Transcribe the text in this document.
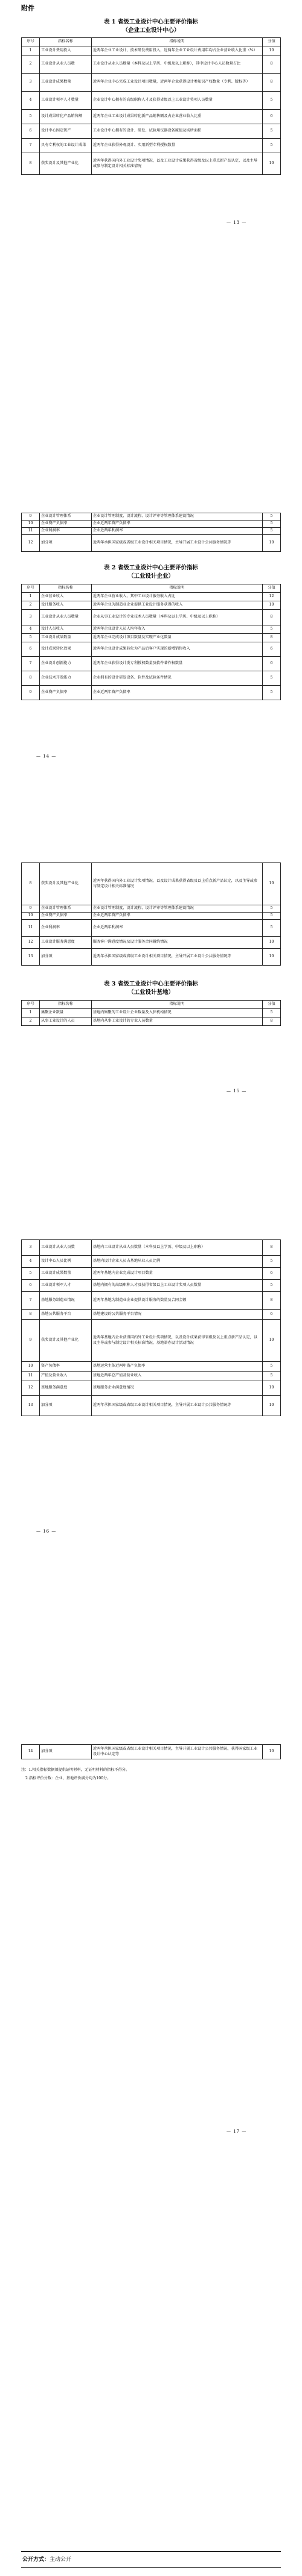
附件
表 1 省级工业设计中心主要评价指标
（企业工业设计中心）
序号	指标名称	指标说明	分值
1	工业设计费用投入	近两年企业工业设计、技术研发费用投入，近两年企业工业设计费用年均占企业营业收入比重（%）	10
2	工业设计从业人员数	工业设计从业人员数量（本科及以上学历、中级及以上职称），其中设计中心人员数量占比	8
3	工业设计成果数量	近两年企业中心完成工业设计项目数量，近两年企业获得设计类知识产权数量（专利、版权等）	8
4	工业设计领军人才数量	企业设计中心拥有的高级职称人才及获得省级以上工业设计奖项人员数量	5
5	设计成果转化产品销售额	近两年企业工业设计成果转化新产品销售额及占企业营业收入比重	6
6	设计中心固定资产	工业设计中心拥有的设计、研发、试验用仪器设备原值及场所面积	5
7	具有专利权的工业设计成果	近两年企业获得外观设计、实用新型专利授权数量	5
8	获奖设计及其他产业化	近两年获得国内外工业设计奖项情况，以及工业设计成果获得省级及以上重点新产品认定，以及主导或参与制定设计相关标准情况	10
— 13 —
9	企业设计管理体系	企业设计管理制度、设计流程、设计评审等管理体系建设情况	5
10	企业资产负债率	企业近两年资产负债率	5
11	企业利润率	企业近两年利润率	5
12	加分项	近两年承担国家级或省级工业设计相关项目情况，主导开展工业设计公共服务情况等	10
表 2 省级工业设计中心主要评价指标
（工业设计企业）
序号	指标名称	指标说明	分值
1	企业营业收入	近两年企业营业收入，其中工业设计服务收入占比	12
2	设计服务收入	近两年企业为制造业企业提供工业设计服务获得的收入	10
3	工业设计从业人员数量	企业从事工业设计的专业技术人员数量（本科及以上学历、中级及以上职称）	8
4	设计人员收入	近两年企业设计人员人均年收入	5
5	工业设计成果数量	近两年企业完成设计项目数量及实现产业化数量	8
6	设计成果转化效果	近两年企业设计成果转化为产品后客户实现的新增销售收入	6
7	企业设计创新能力	近两年企业获得设计类专利授权数量及软件著作权数量	6
8	企业技术开发能力	企业拥有的设计研发设备、软件及试验条件情况	5
9	企业资产负债率	企业近两年资产负债率	5
— 14 —
8	获奖设计及其他产业化	近两年获得国内外工业设计奖项情况，以及设计成果获得省级及以上重点新产品认定，以及主导或参与制定设计相关标准情况	10
9	企业设计管理体系	企业设计管理制度、设计流程、设计评审等管理体系建设情况	5
10	企业资产负债率	企业近两年资产负债率	5
11	企业利润率	企业近两年利润率	5
12	工业设计服务满意度	服务客户满意度情况及设计服务合同履约情况	10
13	加分项	近两年承担国家级或省级工业设计相关项目情况，主导开展工业设计公共服务情况等	10
表 3 省级工业设计中心主要评价指标
（工业设计基地）
序号	指标名称	指标说明	分值
1	集聚企业数量	基地内集聚的工业设计企业数量及入驻机构情况	5
2	从事工业设计的人员	基地内从事工业设计的专业人员数量	8
— 15 —
3	工业设计从业人员数	基地内工业设计从业人员数量（本科及以上学历、中级及以上职称）	8
4	设计中心人员比例	基地内设计企业人员占基地从业人员比例	5
5	工业设计成果数量	近两年基地内企业完成设计项目数量	6
6	工业设计领军人才	基地内拥有的高级职称人才及获得省级以上工业设计奖项人员数量	5
7	基地服务制造业情况	近两年基地为制造业企业提供设计服务的数量及合同金额	8
8	基地公共服务平台	基地建设的公共服务平台情况	6
9	获奖设计及其他产业化	近两年基地内企业获得国内外工业设计奖项情况，以及设计成果获得省级及以上重点新产品认定，以及主导或参与制定设计相关标准情况，基地举办设计活动情况	10
10	资产负债率	基地运营主体近两年资产负债率	5
11	产值及营业收入	基地近两年总产值及营业收入	5
12	基地服务满意度	基地服务企业满意度情况	10
13	加分项	近两年承担国家级或省级工业设计相关项目情况，主导开展工业设计公共服务情况等	10
— 16 —
14	加分项	近两年承担国家级或省级工业设计相关项目情况，主导开展工业设计公共服务情况，获得国家级工业设计中心认定等	10
注：1.相关指标数据须提供证明材料，无证明材料的指标不得分。
2.指标评价分数：企业、基地评价满分均为100分。
— 17 —
公开方式：主动公开
